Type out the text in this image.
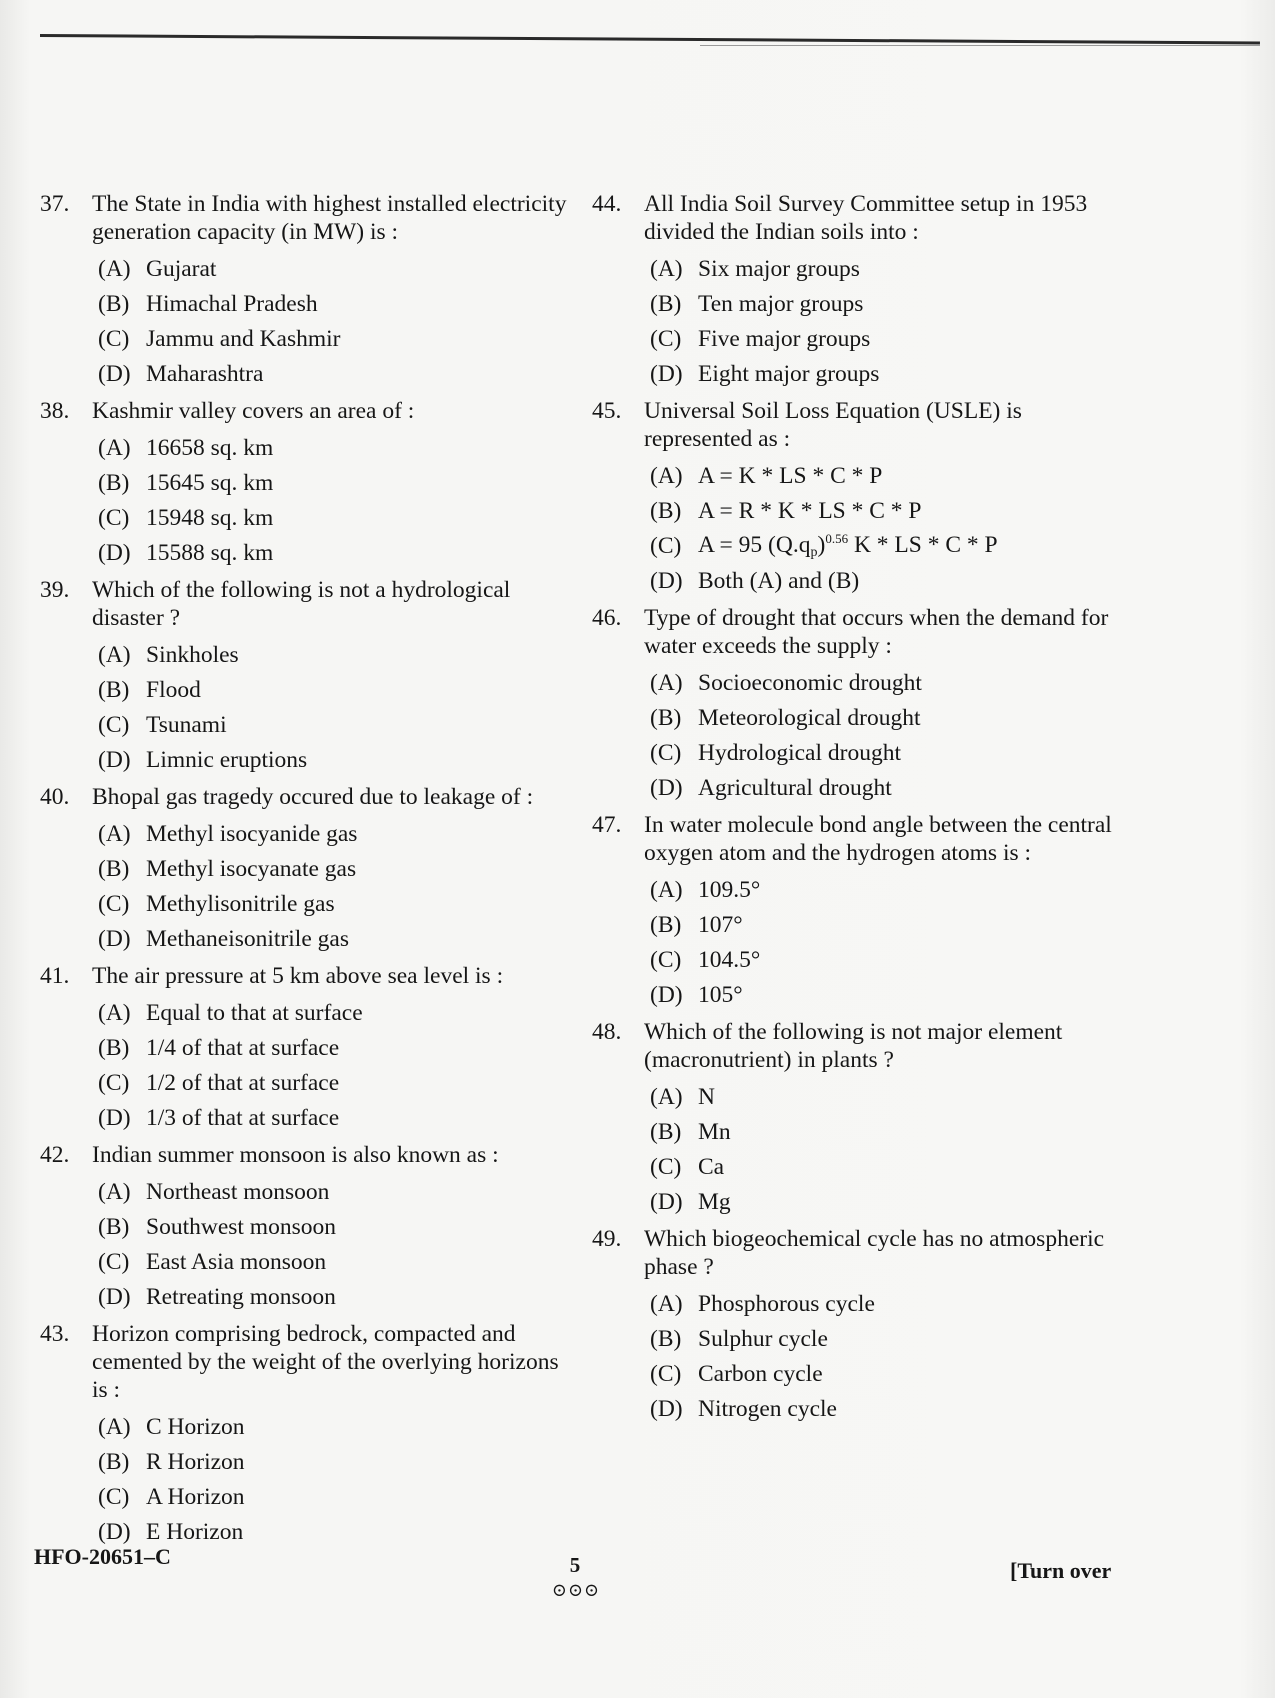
37. The State in India with highest installed electricity generation capacity (in MW) is :
(A) Gujarat
(B) Himachal Pradesh
(C) Jammu and Kashmir
(D) Maharashtra
38. Kashmir valley covers an area of :
(A) 16658 sq. km
(B) 15645 sq. km
(C) 15948 sq. km
(D) 15588 sq. km
39. Which of the following is not a hydrological disaster ?
(A) Sinkholes
(B) Flood
(C) Tsunami
(D) Limnic eruptions
40. Bhopal gas tragedy occured due to leakage of :
(A) Methyl isocyanide gas
(B) Methyl isocyanate gas
(C) Methylisonitrile gas
(D) Methaneisonitrile gas
41. The air pressure at 5 km above sea level is :
(A) Equal to that at surface
(B) 1/4 of that at surface
(C) 1/2 of that at surface
(D) 1/3 of that at surface
42. Indian summer monsoon is also known as :
(A) Northeast monsoon
(B) Southwest monsoon
(C) East Asia monsoon
(D) Retreating monsoon
43. Horizon comprising bedrock, compacted and cemented by the weight of the overlying horizons is :
(A) C Horizon
(B) R Horizon
(C) A Horizon
(D) E Horizon
44. All India Soil Survey Committee setup in 1953 divided the Indian soils into :
(A) Six major groups
(B) Ten major groups
(C) Five major groups
(D) Eight major groups
45. Universal Soil Loss Equation (USLE) is represented as :
(A) A = K * LS * C * P
(B) A = R * K * LS * C * P
(C) A = 95 $(Q.q_p)^{0.56}$ K * LS * C * P
(D) Both (A) and (B)
46. Type of drought that occurs when the demand for water exceeds the supply :
(A) Socioeconomic drought
(B) Meteorological drought
(C) Hydrological drought
(D) Agricultural drought
47. In water molecule bond angle between the central oxygen atom and the hydrogen atoms is :
(A) 109.5°
(B) 107°
(C) 104.5°
(D) 105°
48. Which of the following is not major element (macronutrient) in plants ?
(A) N
(B) Mn
(C) Ca
(D) Mg
49. Which biogeochemical cycle has no atmospheric phase ?
(A) Phosphorous cycle
(B) Sulphur cycle
(C) Carbon cycle
(D) Nitrogen cycle
HFO-20651–C	5
⊙⊙⊙
[Turn over
